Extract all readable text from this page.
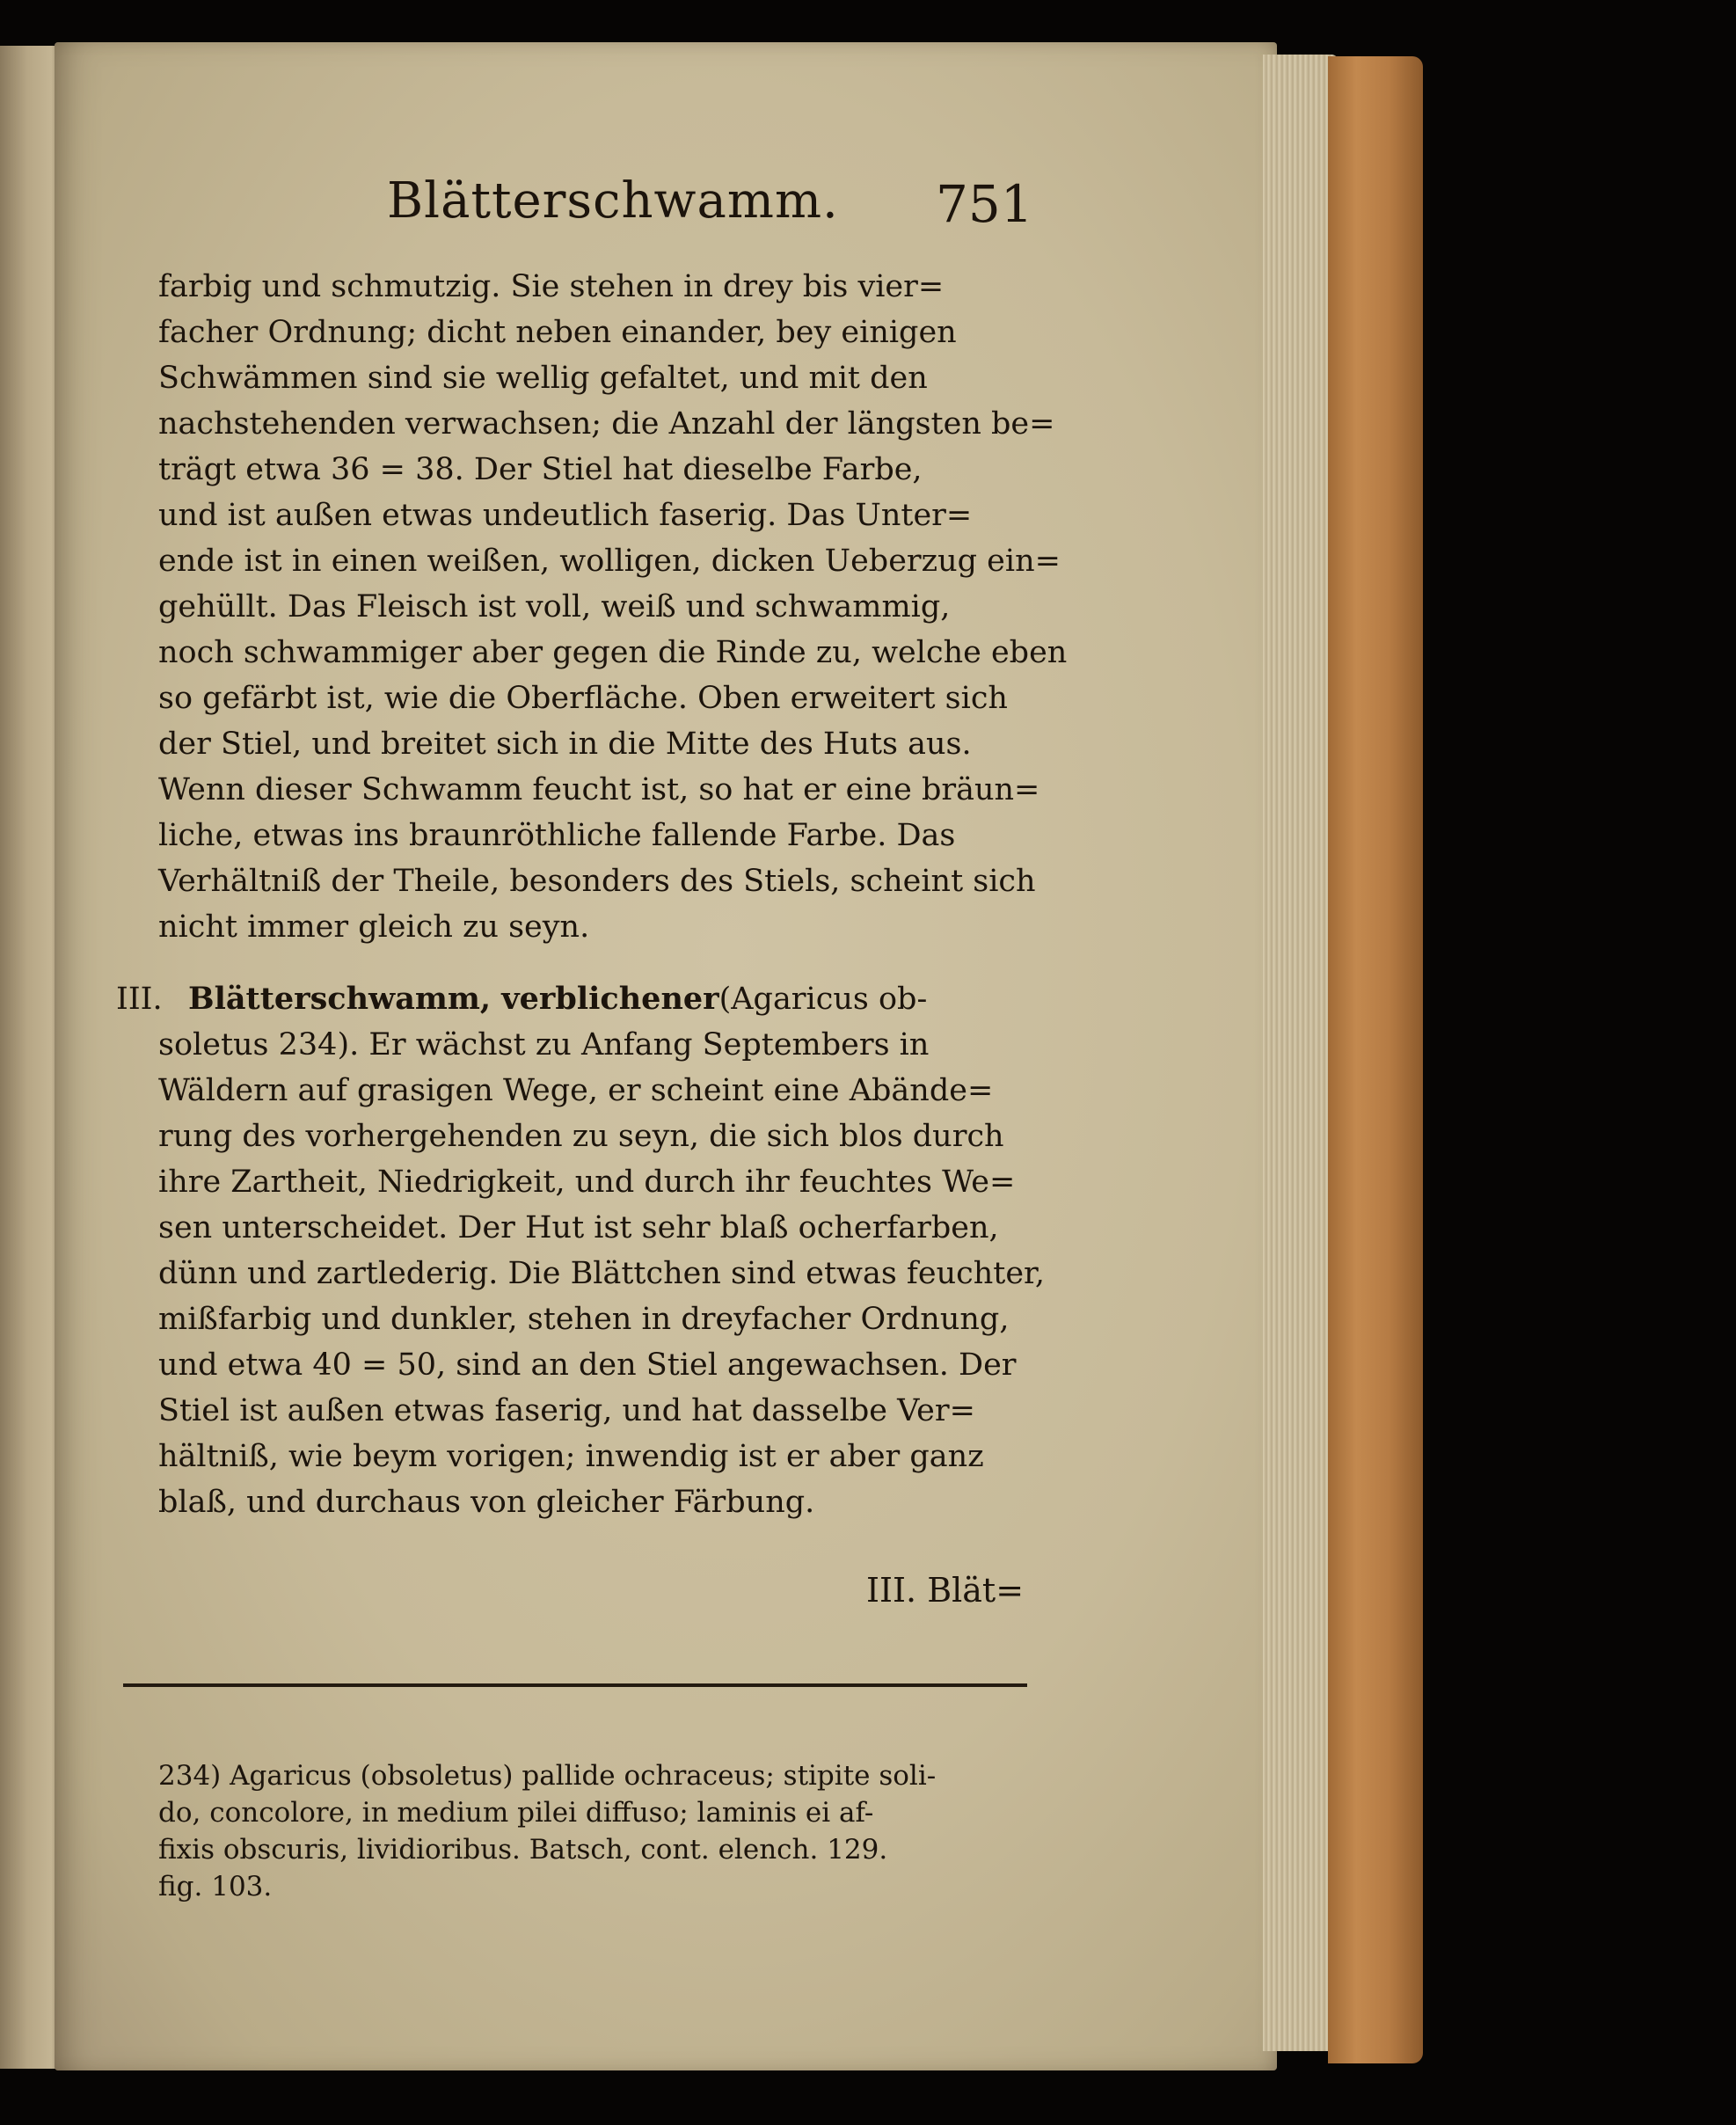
Blätterschwamm. 751
farbig und schmutzig. Sie stehen in drey bis vier=
facher Ordnung; dicht neben einander, bey einigen
Schwämmen sind sie wellig gefaltet, und mit den
nachstehenden verwachsen; die Anzahl der längsten be=
trägt etwa 36 = 38. Der Stiel hat dieselbe Farbe,
und ist außen etwas undeutlich faserig. Das Unter=
ende ist in einen weißen, wolligen, dicken Ueberzug ein=
gehüllt. Das Fleisch ist voll, weiß und schwammig,
noch schwammiger aber gegen die Rinde zu, welche eben
so gefärbt ist, wie die Oberfläche. Oben erweitert sich
der Stiel, und breitet sich in die Mitte des Huts aus.
Wenn dieser Schwamm feucht ist, so hat er eine bräun=
liche, etwas ins braunröthliche fallende Farbe. Das
Verhältniß der Theile, besonders des Stiels, scheint sich
nicht immer gleich zu seyn.
III. Blätterschwamm, verblichener(Agaricus ob-
soletus 234). Er wächst zu Anfang Septembers in
Wäldern auf grasigen Wege, er scheint eine Abände=
rung des vorhergehenden zu seyn, die sich blos durch
ihre Zartheit, Niedrigkeit, und durch ihr feuchtes We=
sen unterscheidet. Der Hut ist sehr blaß ocherfarben,
dünn und zartlederig. Die Blättchen sind etwas feuchter,
mißfarbig und dunkler, stehen in dreyfacher Ordnung,
und etwa 40 = 50, sind an den Stiel angewachsen. Der
Stiel ist außen etwas faserig, und hat dasselbe Ver=
hältniß, wie beym vorigen; inwendig ist er aber ganz
blaß, und durchaus von gleicher Färbung.
III. Blät=
234) Agaricus (obsoletus) pallide ochraceus; stipite soli-
do, concolore, in medium pilei diffuso; laminis ei af-
fixis obscuris, lividioribus. Batsch, cont. elench. 129.
fig. 103.
